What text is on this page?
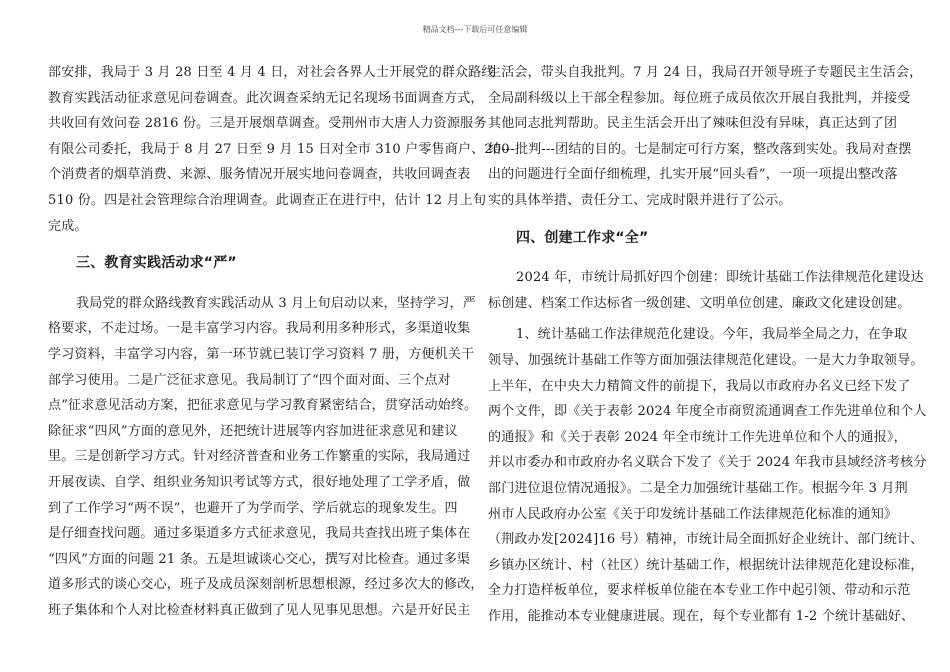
精品文档---下载后可任意编辑
部安排，我局于 3 月 28 日至 4 月 4 日，对社会各界人士开展党的群众路线
教育实践活动征求意见问卷调查。此次调查采纳无记名现场书面调查方式，
共收回有效问卷 2816 份。三是开展烟草调查。受荆州市大唐人力资源服务
有限公司委托，我局于 8 月 27 日至 9 月 15 日对全市 310 户零售商户、200
个消费者的烟草消费、来源、服务情况开展实地问卷调查，共收回调查表
510 份。四是社会管理综合治理调查。此调查正在进行中，估计 12 月上旬
完成。
三、教育实践活动求“严”
我局党的群众路线教育实践活动从 3 月上旬启动以来，坚持学习，严
格要求，不走过场。一是丰富学习内容。我局利用多种形式，多渠道收集
学习资料，丰富学习内容，第一环节就已装订学习资料 7 册，方便机关干
部学习使用。二是广泛征求意见。我局制订了“四个面对面、三个点对
点”征求意见活动方案，把征求意见与学习教育紧密结合，贯穿活动始终。
除征求“四风”方面的意见外，还把统计进展等内容加进征求意见和建议
里。三是创新学习方式。针对经济普查和业务工作繁重的实际，我局通过
开展夜读、自学、组织业务知识考试等方式，很好地处理了工学矛盾，做
到了工作学习“两不误”，也避开了为学而学、学后就忘的现象发生。四
是仔细查找问题。通过多渠道多方式征求意见，我局共查找出班子集体在
“四风”方面的问题 21 条。五是坦诚谈心交心，撰写对比检查。通过多渠
道多形式的谈心交心，班子及成员深刻剖析思想根源，经过多次大的修改，
班子集体和个人对比检查材料真正做到了见人见事见思想。六是开好民主
生活会，带头自我批判。7 月 24 日，我局召开领导班子专题民主生活会，
全局副科级以上干部全程参加。每位班子成员依次开展自我批判，并接受
其他同志批判帮助。民主生活会开出了辣味但没有异味，真正达到了团
结---批判---团结的目的。七是制定可行方案，整改落到实处。我局对查摆
出的问题进行全面仔细梳理，扎实开展“回头看”，一项一项提出整改落
实的具体举措、责任分工、完成时限并进行了公示。
四、创建工作求“全”
2024 年，市统计局抓好四个创建：即统计基础工作法律规范化建设达
标创建、档案工作达标省一级创建、文明单位创建、廉政文化建设创建。
1、统计基础工作法律规范化建设。今年，我局举全局之力，在争取
领导、加强统计基础工作等方面加强法律规范化建设。一是大力争取领导。
上半年，在中央大力精简文件的前提下，我局以市政府办名义已经下发了
两个文件，即《关于表彰 2024 年度全市商贸流通调查工作先进单位和个人
的通报》和《关于表彰 2024 年全市统计工作先进单位和个人的通报》，
并以市委办和市政府办名义联合下发了《关于 2024 年我市县域经济考核分
部门进位退位情况通报》。二是全力加强统计基础工作。根据今年 3 月荆
州市人民政府办公室《关于印发统计基础工作法律规范化标准的通知》
（荆政办发[2024]16 号）精神，市统计局全面抓好企业统计、部门统计、
乡镇办区统计、村（社区）统计基础工作，根据统计法律规范化建设标准，
全力打造样板单位，要求样板单位能在本专业工作中起引领、带动和示范
作用，能推动本专业健康进展。现在，每个专业都有 1-2 个统计基础好、
